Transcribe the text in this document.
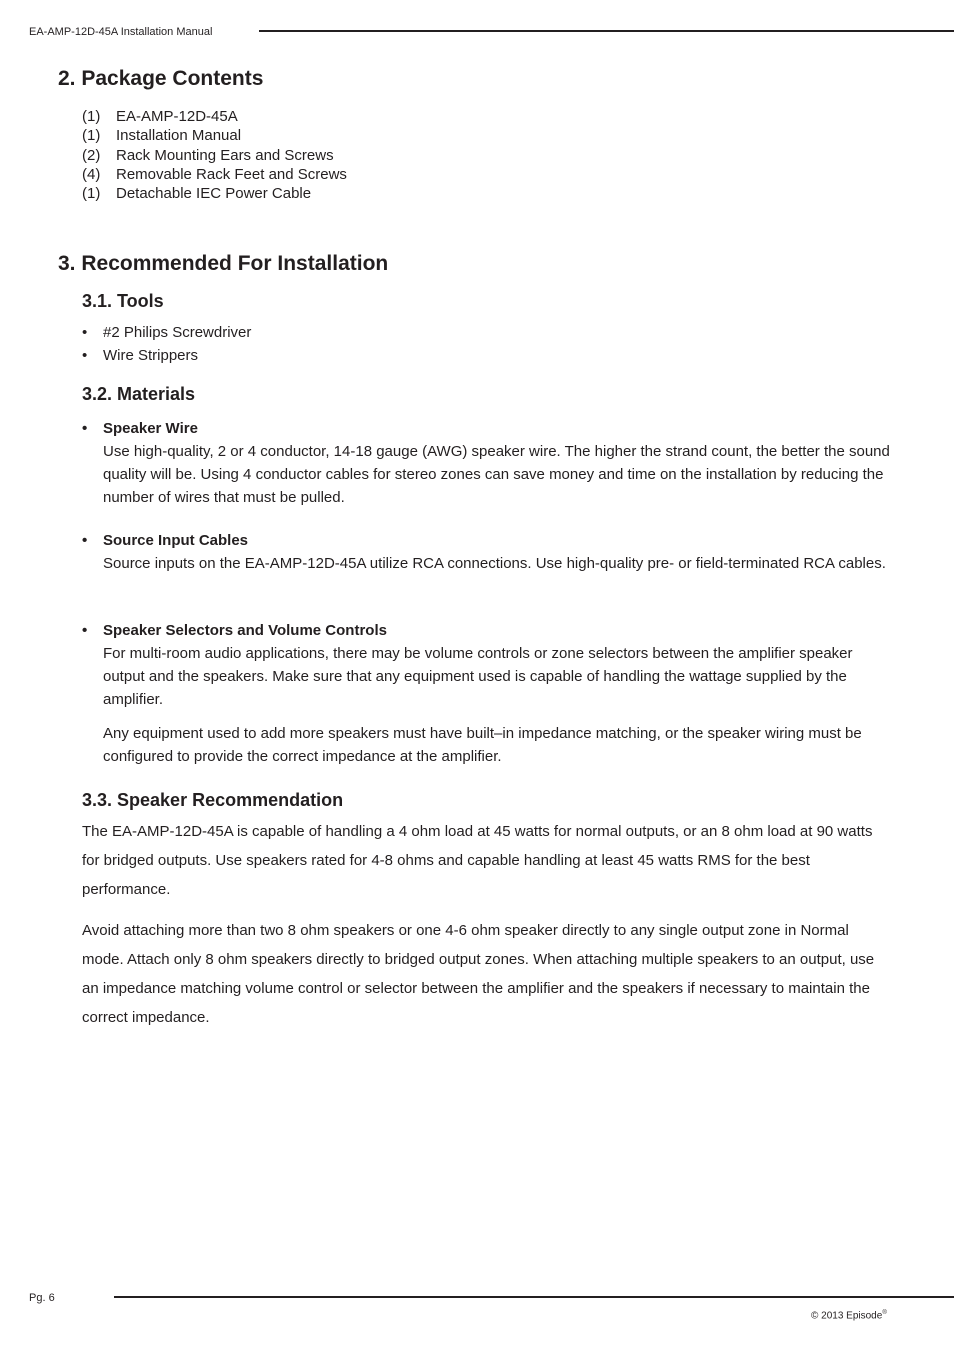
EA-AMP-12D-45A Installation Manual
2. Package Contents
(1) EA-AMP-12D-45A
(1) Installation Manual
(2) Rack Mounting Ears and Screws
(4) Removable Rack Feet and Screws
(1) Detachable IEC Power Cable
3. Recommended For Installation
3.1. Tools
• #2 Philips Screwdriver
• Wire Strippers
3.2. Materials
• Speaker Wire
Use high-quality, 2 or 4 conductor, 14-18 gauge (AWG) speaker wire. The higher the strand count, the better the sound quality will be. Using 4 conductor cables for stereo zones can save money and time on the installation by reducing the number of wires that must be pulled.
• Source Input Cables
Source inputs on the EA-AMP-12D-45A utilize RCA connections. Use high-quality pre- or field-terminated RCA cables.
• Speaker Selectors and Volume Controls
For multi-room audio applications, there may be volume controls or zone selectors between the amplifier speaker output and the speakers. Make sure that any equipment used is capable of handling the wattage supplied by the amplifier.
Any equipment used to add more speakers must have built–in impedance matching, or the speaker wiring must be configured to provide the correct impedance at the amplifier.
3.3. Speaker Recommendation

The EA-AMP-12D-45A is capable of handling a 4 ohm load at 45 watts for normal outputs, or an 8 ohm load at 90 watts for bridged outputs. Use speakers rated for 4-8 ohms and capable handling at least 45 watts RMS for the best performance.

Avoid attaching more than two 8 ohm speakers or one 4-6 ohm speaker directly to any single output zone in Normal mode. Attach only 8 ohm speakers directly to bridged output zones. When attaching multiple speakers to an output, use an impedance matching volume control or selector between the amplifier and the speakers if necessary to maintain the correct impedance.

Pg. 6
© 2013 Episode®
